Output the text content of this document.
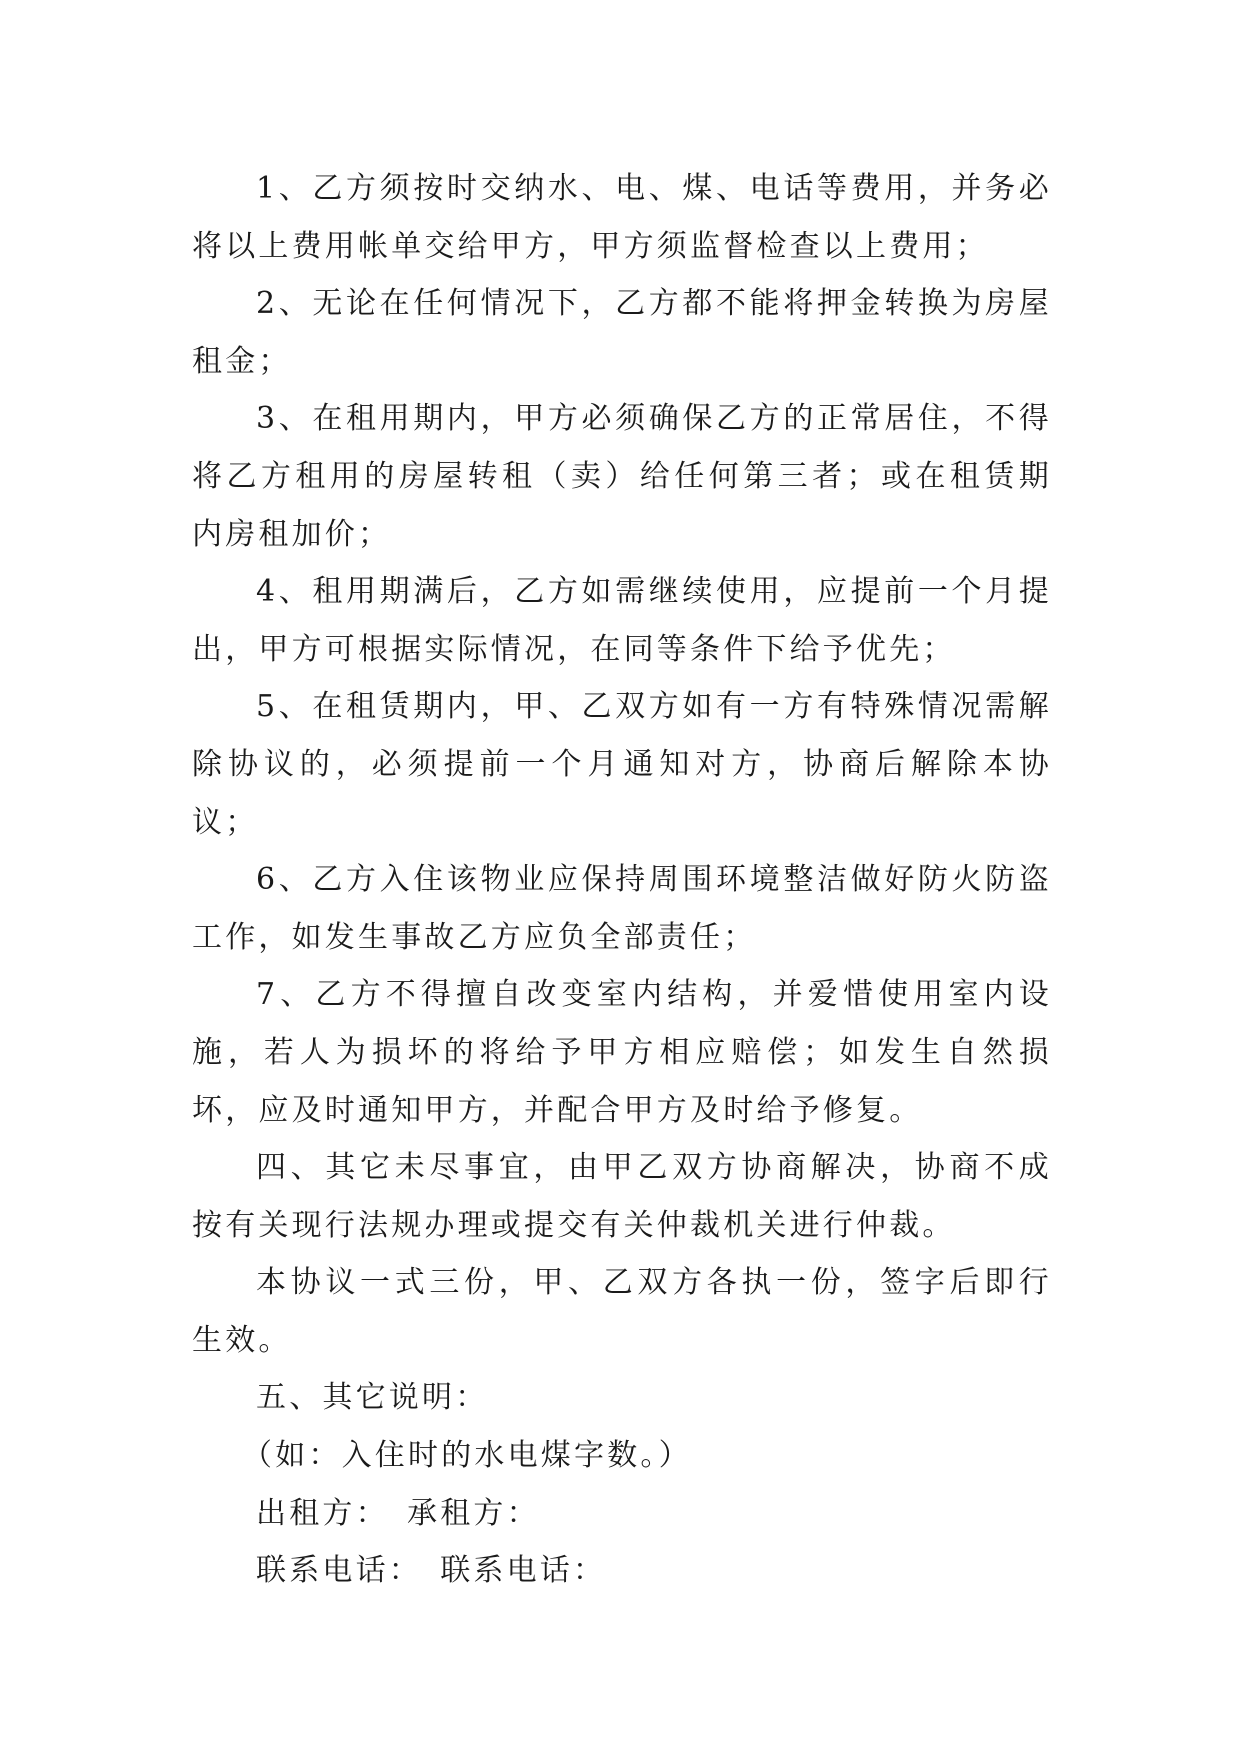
1、乙方须按时交纳水、电、煤、电话等费用，并务必将以上费用帐单交给甲方，甲方须监督检查以上费用；

2、无论在任何情况下，乙方都不能将押金转换为房屋租金；

3、在租用期内，甲方必须确保乙方的正常居住，不得将乙方租用的房屋转租（卖）给任何第三者；或在租赁期内房租加价；

4、租用期满后，乙方如需继续使用，应提前一个月提出，甲方可根据实际情况，在同等条件下给予优先；

5、在租赁期内，甲、乙双方如有一方有特殊情况需解除协议的，必须提前一个月通知对方，协商后解除本协议；

6、乙方入住该物业应保持周围环境整洁做好防火防盗工作，如发生事故乙方应负全部责任；

7、乙方不得擅自改变室内结构，并爱惜使用室内设施，若人为损坏的将给予甲方相应赔偿；如发生自然损坏，应及时通知甲方，并配合甲方及时给予修复。

四、其它未尽事宜，由甲乙双方协商解决，协商不成按有关现行法规办理或提交有关仲裁机关进行仲裁。

本协议一式三份，甲、乙双方各执一份，签字后即行生效。

五、其它说明：

（如：入住时的水电煤字数。）

出租方：　承租方：

联系电话：　联系电话：
